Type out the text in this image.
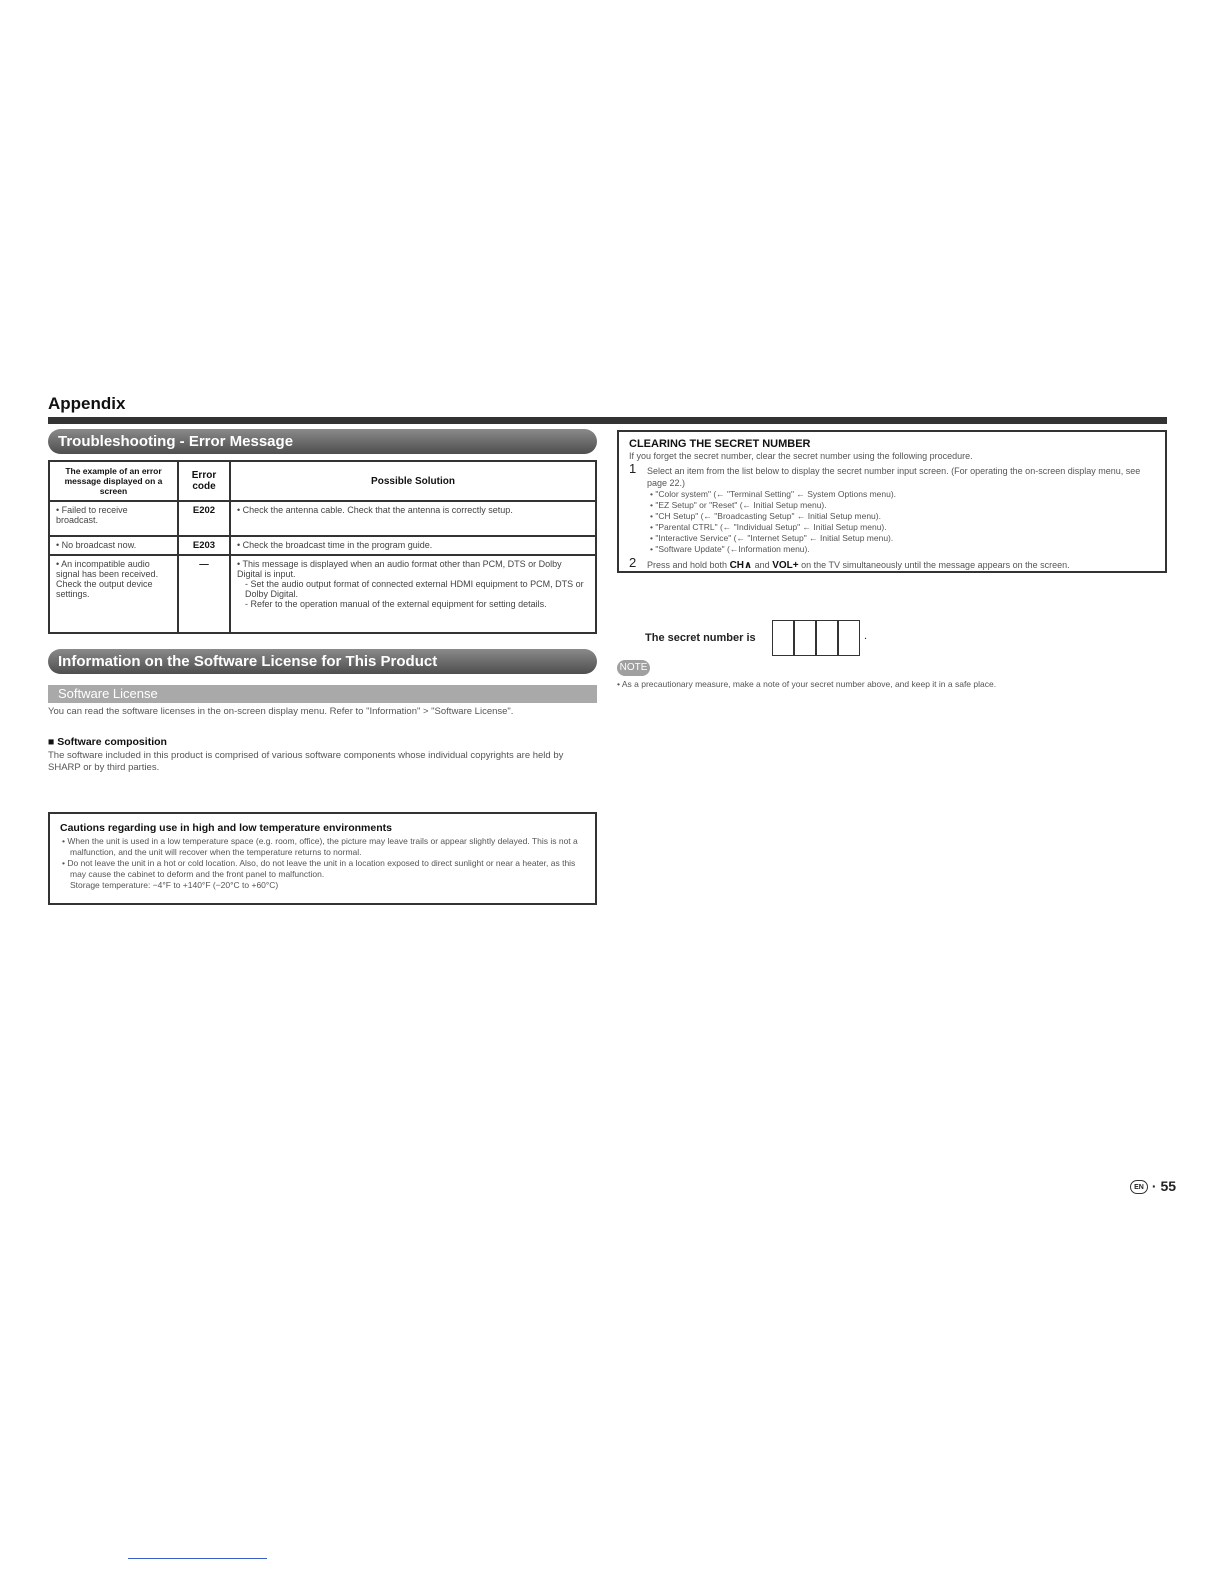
Appendix
Troubleshooting - Error Message
The example of an error message displayed on a screen	Error code	Possible Solution
• Failed to receive broadcast.	E202	• Check the antenna cable. Check that the antenna is correctly setup.
• No broadcast now.	E203	• Check the broadcast time in the program guide.
• An incompatible audio signal has been received. Check the output device settings.	—	• This message is displayed when an audio format other than PCM, DTS or Dolby Digital is input.
- Set the audio output format of connected external HDMI equipment to PCM, DTS or Dolby Digital.
- Refer to the operation manual of the external equipment for setting details.
Information on the Software License for This Product
Software License
You can read the software licenses in the on-screen display menu. Refer to "Information" > "Software License".
■ Software composition
The software included in this product is comprised of various software components whose individual copyrights are held by SHARP or by third parties.
Cautions regarding use in high and low temperature environments
• When the unit is used in a low temperature space (e.g. room, office), the picture may leave trails or appear slightly delayed. This is not a malfunction, and the unit will recover when the temperature returns to normal.
• Do not leave the unit in a hot or cold location. Also, do not leave the unit in a location exposed to direct sunlight or near a heater, as this may cause the cabinet to deform and the front panel to malfunction.
Storage temperature: −4°F to +140°F (−20°C to +60°C)
CLEARING THE SECRET NUMBER
If you forget the secret number, clear the secret number using the following procedure.
1 Select an item from the list below to display the secret number input screen. (For operating the on-screen display menu, see page 22.)
• "Color system" (← "Terminal Setting" ← System Options menu).
• "EZ Setup" or "Reset" (← Initial Setup menu).
• "CH Setup" (← "Broadcasting Setup" ← Initial Setup menu).
• "Parental CTRL" (← "Individual Setup" ← Initial Setup menu).
• "Interactive Service" (← "Internet Setup" ← Initial Setup menu).
• "Software Update" (←Information menu).
2 Press and hold both CH∧ and VOL+ on the TV simultaneously until the message appears on the screen.
The secret number is	.
NOTE
• As a precautionary measure, make a note of your secret number above, and keep it in a safe place.
EN · 55
